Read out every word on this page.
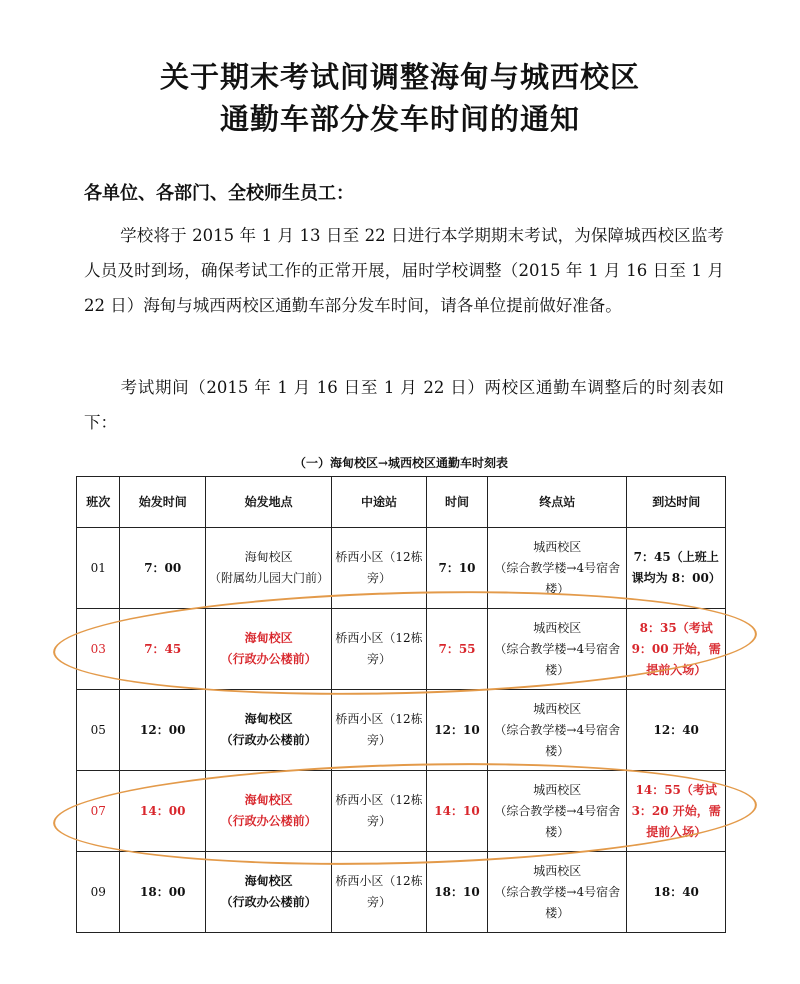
关于期末考试间调整海甸与城西校区
通勤车部分发车时间的通知
各单位、各部门、全校师生员工：
学校将于 2015 年 1 月 13 日至 22 日进行本学期期末考试，为保障城西校区监考人员及时到场，确保考试工作的正常开展，届时学校调整（2015 年 1 月 16 日至 1 月 22 日）海甸与城西两校区通勤车部分发车时间，请各单位提前做好准备。
考试期间（2015 年 1 月 16 日至 1 月 22 日）两校区通勤车调整后的时刻表如下：
（一）海甸校区→城西校区通勤车时刻表
班次	始发时间	始发地点	中途站	时间	终点站	到达时间
01	7：00	海甸校区
（附属幼儿园大门前）	桥西小区（12栋旁）	7：10	城西校区
（综合教学楼→4号宿舍楼）	7：45（上班上课均为 8：00）
03	7：45	海甸校区
（行政办公楼前）	桥西小区（12栋旁）	7：55	城西校区
（综合教学楼→4号宿舍楼）	8：35（考试9：00 开始，需提前入场）
05	12：00	海甸校区
（行政办公楼前）	桥西小区（12栋旁）	12：10	城西校区
（综合教学楼→4号宿舍楼）	12：40
07	14：00	海甸校区
（行政办公楼前）	桥西小区（12栋旁）	14：10	城西校区
（综合教学楼→4号宿舍楼）	14：55（考试3：20 开始，需提前入场）
09	18：00	海甸校区
（行政办公楼前）	桥西小区（12栋旁）	18：10	城西校区
（综合教学楼→4号宿舍楼）	18：40
